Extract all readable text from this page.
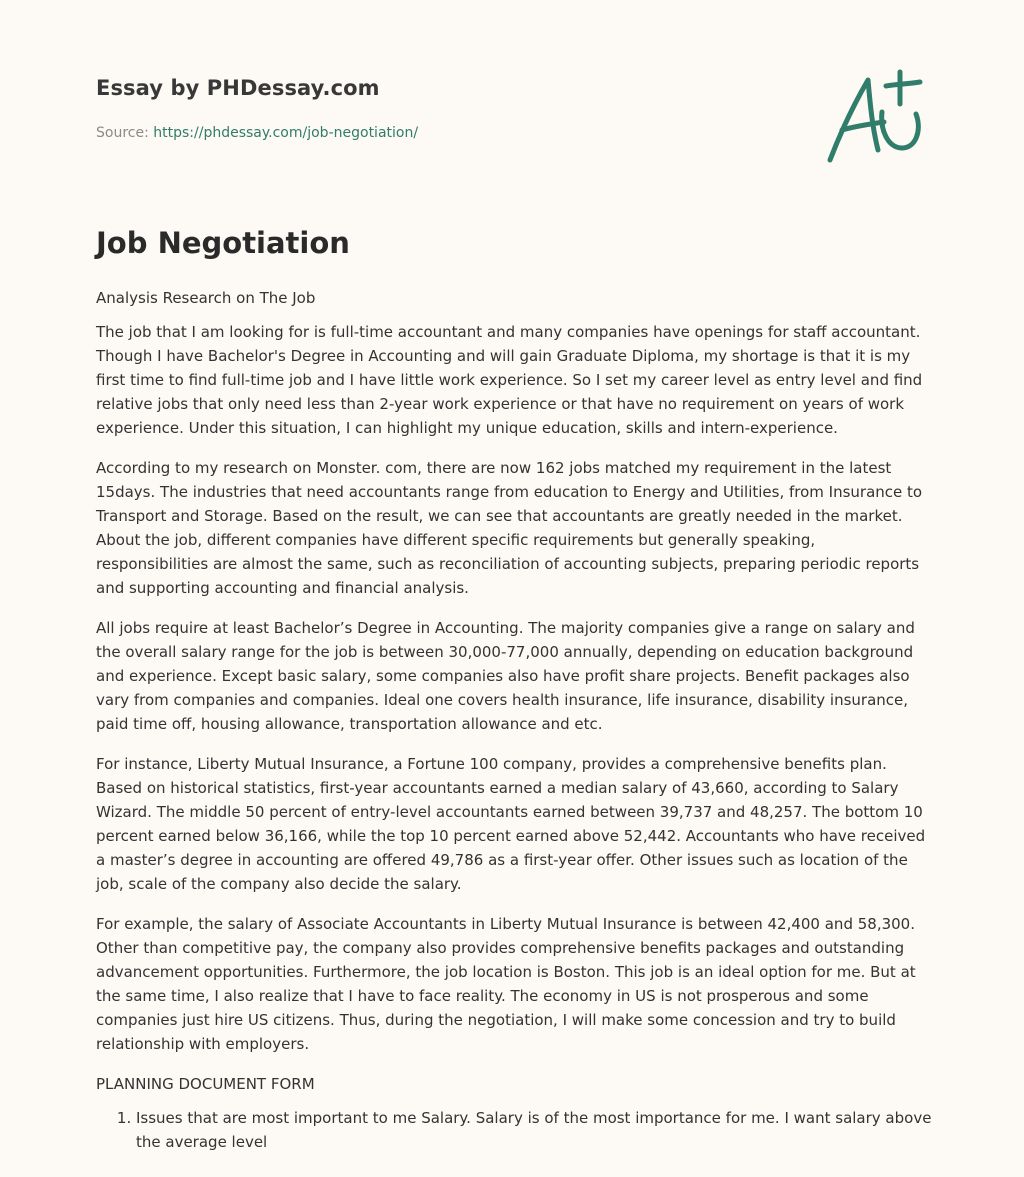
Essay by PHDessay.com
Source: https://phdessay.com/job-negotiation/
Job Negotiation

Analysis Research on The Job

The job that I am looking for is full-time accountant and many companies have openings for staff accountant. Though I have Bachelor's Degree in Accounting and will gain Graduate Diploma, my shortage is that it is my first time to find full-time job and I have little work experience. So I set my career level as entry level and find relative jobs that only need less than 2-year work experience or that have no requirement on years of work experience. Under this situation, I can highlight my unique education, skills and intern-experience.

According to my research on Monster. com, there are now 162 jobs matched my requirement in the latest 15days. The industries that need accountants range from education to Energy and Utilities, from Insurance to Transport and Storage. Based on the result, we can see that accountants are greatly needed in the market. About the job, different companies have different specific requirements but generally speaking, responsibilities are almost the same, such as reconciliation of accounting subjects, preparing periodic reports and supporting accounting and financial analysis.

All jobs require at least Bachelor’s Degree in Accounting. The majority companies give a range on salary and the overall salary range for the job is between 30,000-77,000 annually, depending on education background and experience. Except basic salary, some companies also have profit share projects. Benefit packages also vary from companies and companies. Ideal one covers health insurance, life insurance, disability insurance, paid time off, housing allowance, transportation allowance and etc.

For instance, Liberty Mutual Insurance, a Fortune 100 company, provides a comprehensive benefits plan. Based on historical statistics, first-year accountants earned a median salary of 43,660, according to Salary Wizard. The middle 50 percent of entry-level accountants earned between 39,737 and 48,257. The bottom 10 percent earned below 36,166, while the top 10 percent earned above 52,442. Accountants who have received a master’s degree in accounting are offered 49,786 as a first-year offer. Other issues such as location of the job, scale of the company also decide the salary.

For example, the salary of Associate Accountants in Liberty Mutual Insurance is between 42,400 and 58,300. Other than competitive pay, the company also provides comprehensive benefits packages and outstanding advancement opportunities. Furthermore, the job location is Boston. This job is an ideal option for me. But at the same time, I also realize that I have to face reality. The economy in US is not prosperous and some companies just hire US citizens. Thus, during the negotiation, I will make some concession and try to build relationship with employers.

PLANNING DOCUMENT FORM

1. Issues that are most important to me Salary. Salary is of the most importance for me. I want salary above the average level
